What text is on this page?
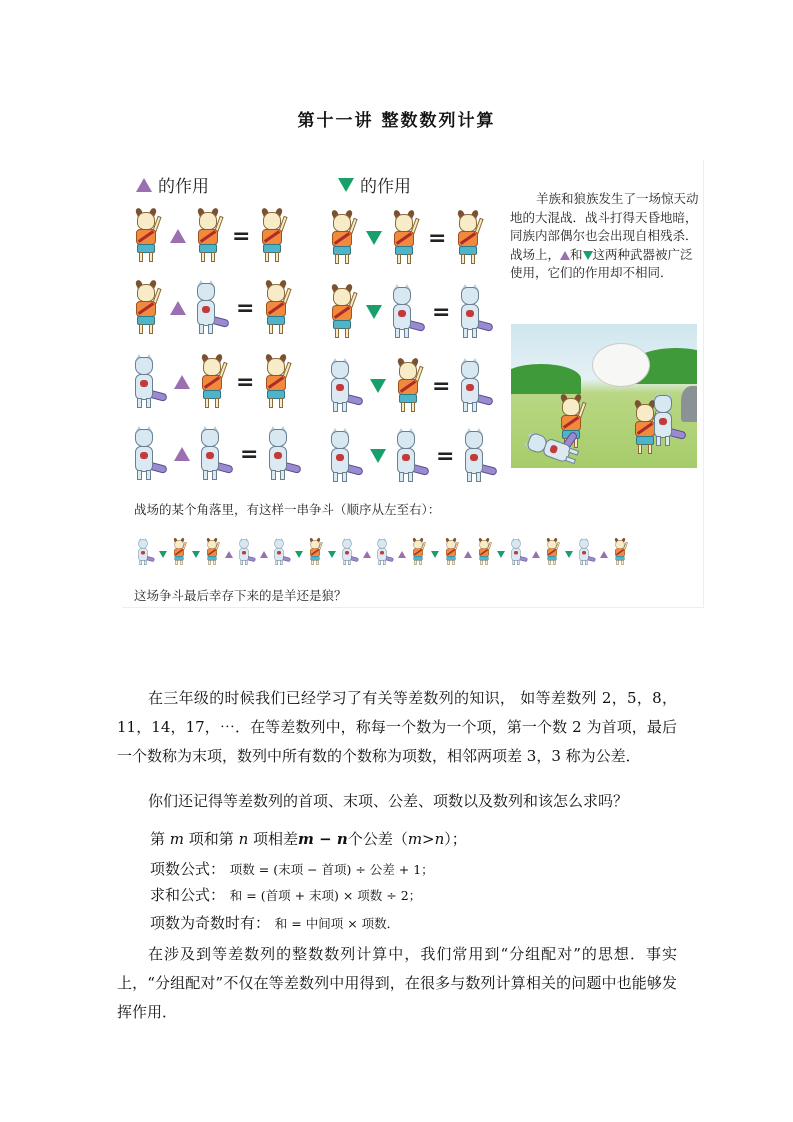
第十一讲 整数数列计算
的作用	的作用
=
=
=
=
=
=
=
=
羊族和狼族发生了一场惊天动地的大混战．战斗打得天昏地暗，同族内部偶尔也会出现自相残杀．战场上， 和 这两种武器被广泛使用，它们的作用却不相同．
战场的某个角落里，有这样一串争斗（顺序从左至右）：
这场争斗最后幸存下来的是羊还是狼？

在三年级的时候我们已经学习了有关等差数列的知识， 如等差数列 2，5，8，11，14，17，⋯．在等差数列中，称每一个数为一个项，第一个数 2 为首项，最后一个数称为末项，数列中所有数的个数称为项数，相邻两项差 3，3 称为公差．

你们还记得等差数列的首项、末项、公差、项数以及数列和该怎么求吗？

第 m 项和第 n 项相差m − n个公差（m>n）；
项数公式： 项数 = (末项 − 首项) ÷ 公差 + 1；
求和公式： 和 = (首项 + 末项) × 项数 ÷ 2；
项数为奇数时有： 和 = 中间项 × 项数．

在涉及到等差数列的整数数列计算中，我们常用到“分组配对”的思想．事实上，“分组配对”不仅在等差数列中用得到，在很多与数列计算相关的问题中也能够发挥作用．
